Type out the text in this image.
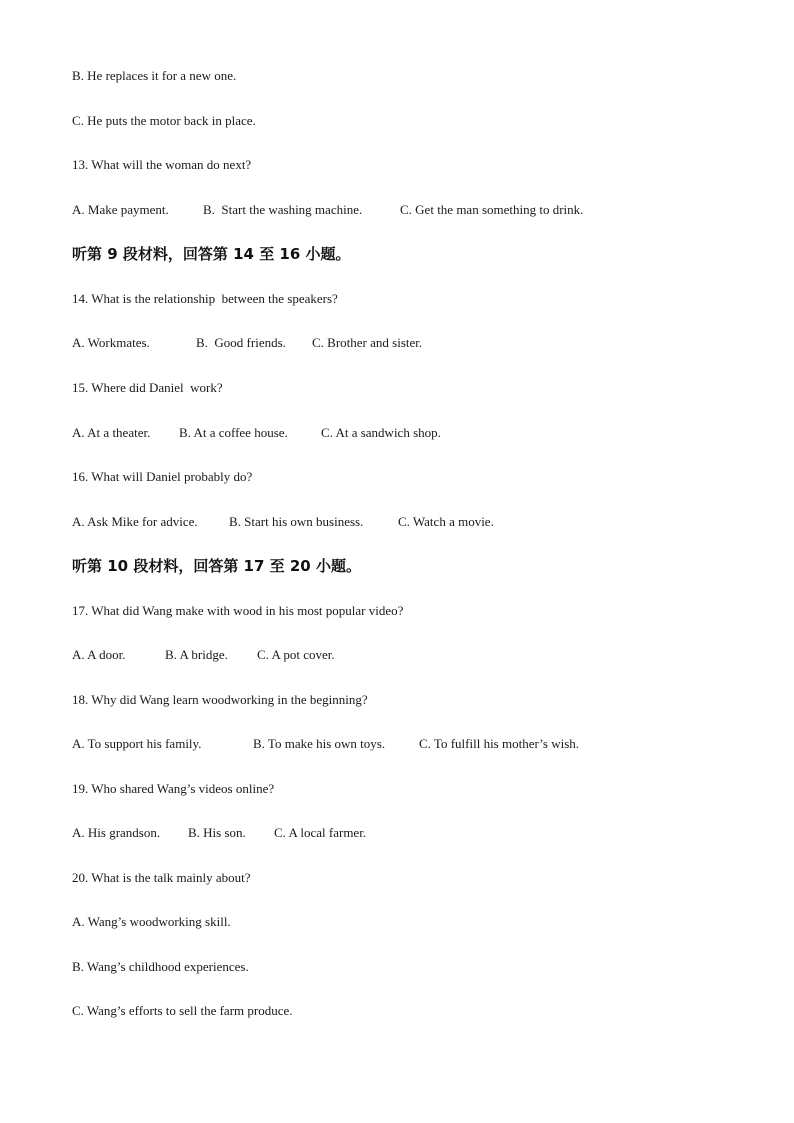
B. He replaces it for a new one.
C. He puts the motor back in place.
13. What will the woman do next?
A. Make payment.	B.  Start the washing machine.	C. Get the man something to drink.
听第 9 段材料，回答第 14 至 16 小题。
14. What is the relationship  between the speakers?
A. Workmates.	B.  Good friends.	C. Brother and sister.
15. Where did Daniel  work?
A. At a theater.	B. At a coffee house.	C. At a sandwich shop.
16. What will Daniel probably do?
A. Ask Mike for advice.	B. Start his own business.	C. Watch a movie.
听第 10 段材料，回答第 17 至 20 小题。
17. What did Wang make with wood in his most popular video?
A. A door.	B. A bridge.	C. A pot cover.
18. Why did Wang learn woodworking in the beginning?
A. To support his family.	B. To make his own toys.	C. To fulfill his mother’s wish.
19. Who shared Wang’s videos online?
A. His grandson.	B. His son.	C. A local farmer.
20. What is the talk mainly about?
A. Wang’s woodworking skill.
B. Wang’s childhood experiences.
C. Wang’s efforts to sell the farm produce.
